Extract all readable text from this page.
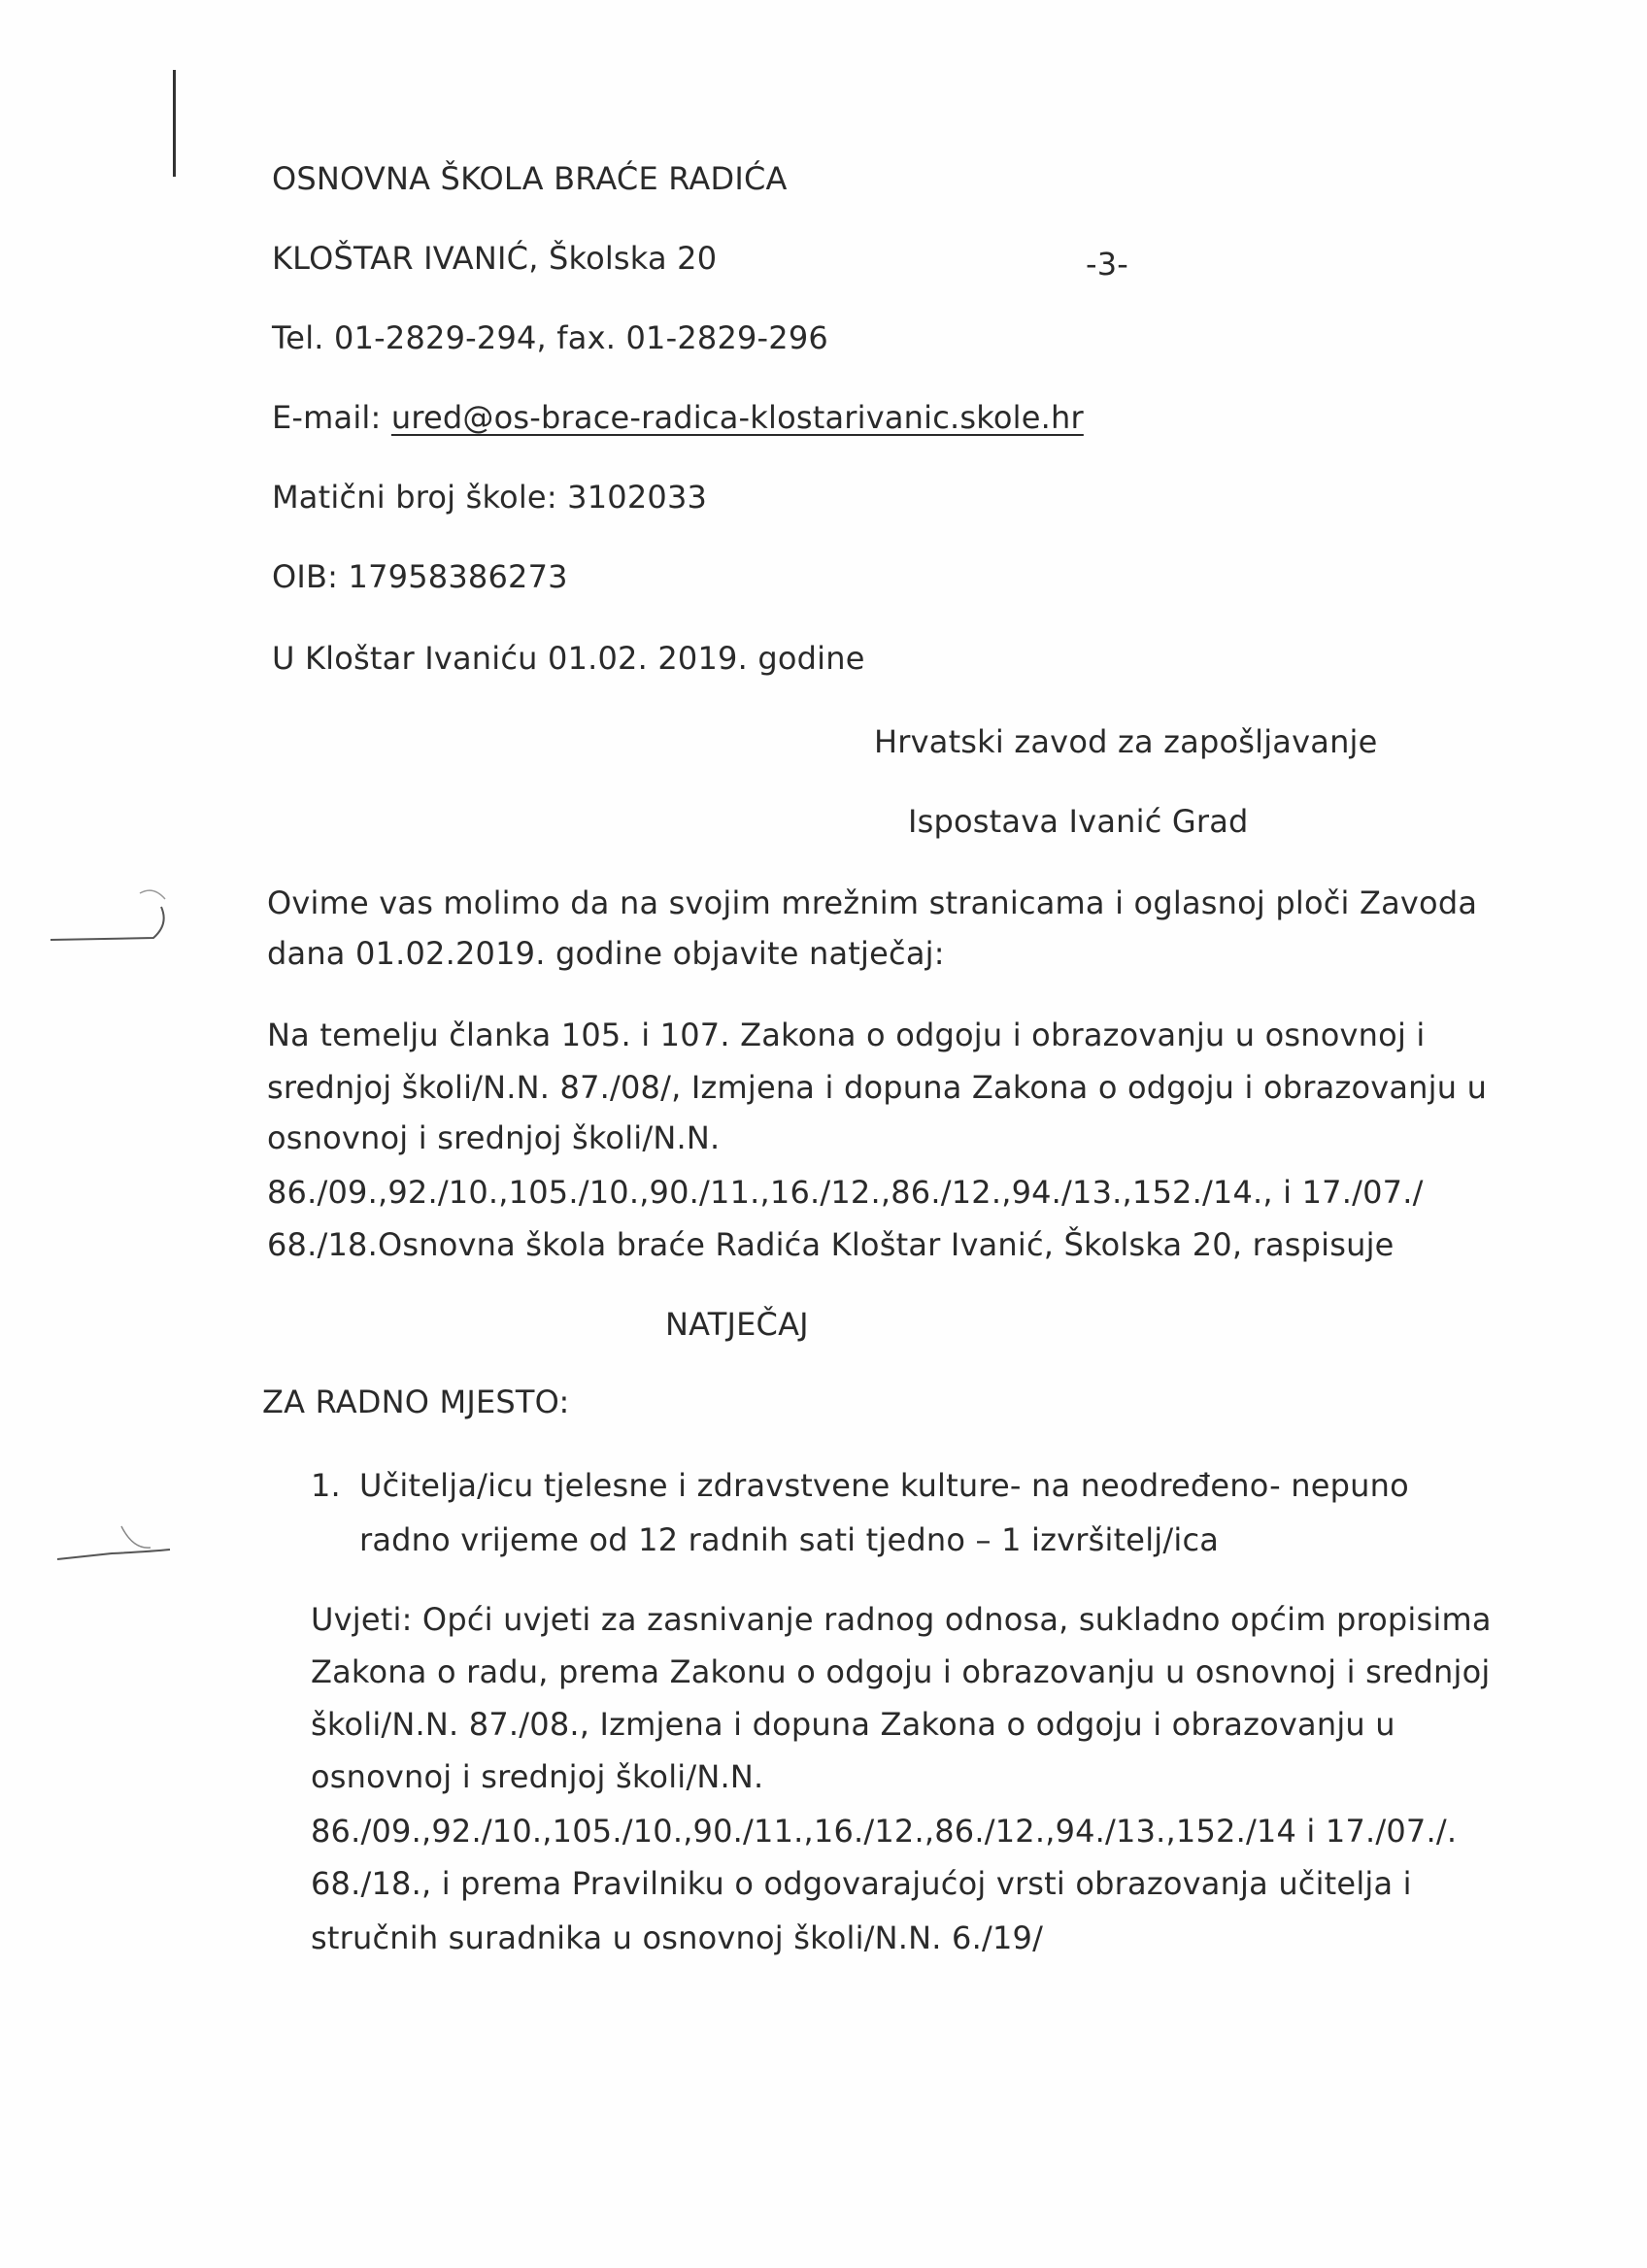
OSNOVNA ŠKOLA BRAĆE RADIĆA
KLOŠTAR IVANIĆ, Školska 20	-3-
Tel. 01-2829-294, fax. 01-2829-296
E-mail: ured@os-brace-radica-klostarivanic.skole.hr
Matični broj škole: 3102033
OIB: 17958386273
U Kloštar Ivaniću 01.02. 2019. godine
Hrvatski zavod za zapošljavanje
Ispostava Ivanić Grad
Ovime vas molimo da na svojim mrežnim stranicama i oglasnoj ploči Zavoda
dana 01.02.2019. godine objavite natječaj:
Na temelju članka 105. i 107. Zakona o odgoju i obrazovanju u osnovnoj i
srednjoj školi/N.N. 87./08/, Izmjena i dopuna Zakona o odgoju i obrazovanju u
osnovnoj i srednjoj školi/N.N.
86./09.,92./10.,105./10.,90./11.,16./12.,86./12.,94./13.,152./14., i 17./07./
68./18.Osnovna škola braće Radića Kloštar Ivanić, Školska 20, raspisuje
NATJEČAJ
ZA RADNO MJESTO:
1. Učitelja/icu tjelesne i zdravstvene kulture- na neodređeno- nepuno
radno vrijeme od 12 radnih sati tjedno – 1 izvršitelj/ica
Uvjeti: Opći uvjeti za zasnivanje radnog odnosa, sukladno općim propisima
Zakona o radu, prema Zakonu o odgoju i obrazovanju u osnovnoj i srednjoj
školi/N.N. 87./08., Izmjena i dopuna Zakona o odgoju i obrazovanju u
osnovnoj i srednjoj školi/N.N.
86./09.,92./10.,105./10.,90./11.,16./12.,86./12.,94./13.,152./14 i 17./07./.
68./18., i prema Pravilniku o odgovarajućoj vrsti obrazovanja učitelja i
stručnih suradnika u osnovnoj školi/N.N. 6./19/
